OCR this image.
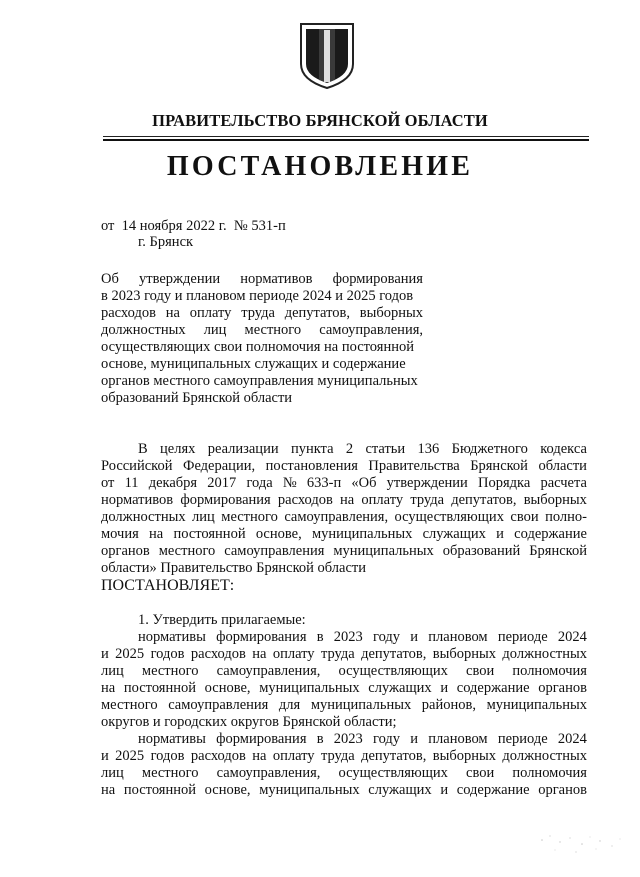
ПРАВИТЕЛЬСТВО БРЯНСКОЙ ОБЛАСТИ
ПОСТАНОВЛЕНИЕ
от 14 ноября 2022 г. № 531-п
г. Брянск
Об утверждении нормативов формирования
в 2023 году и плановом периоде 2024 и 2025 годов
расходов на оплату труда депутатов, выборных
должностных лиц местного самоуправления,
осуществляющих свои полномочия на постоянной
основе, муниципальных служащих и содержание
органов местного самоуправления муниципальных
образований Брянской области
В целях реализации пункта 2 статьи 136 Бюджетного кодекса
Российской Федерации, постановления Правительства Брянской области
от 11 декабря 2017 года № 633-п «Об утверждении Порядка расчета
нормативов формирования расходов на оплату труда депутатов, выборных
должностных лиц местного самоуправления, осуществляющих свои полно-
мочия на постоянной основе, муниципальных служащих и содержание
органов местного самоуправления муниципальных образований Брянской
области» Правительство Брянской области
ПОСТАНОВЛЯЕТ:
1. Утвердить прилагаемые:
нормативы формирования в 2023 году и плановом периоде 2024
и 2025 годов расходов на оплату труда депутатов, выборных должностных
лиц местного самоуправления, осуществляющих свои полномочия
на постоянной основе, муниципальных служащих и содержание органов
местного самоуправления для муниципальных районов, муниципальных
округов и городских округов Брянской области;
нормативы формирования в 2023 году и плановом периоде 2024
и 2025 годов расходов на оплату труда депутатов, выборных должностных
лиц местного самоуправления, осуществляющих свои полномочия
на постоянной основе, муниципальных служащих и содержание органов
